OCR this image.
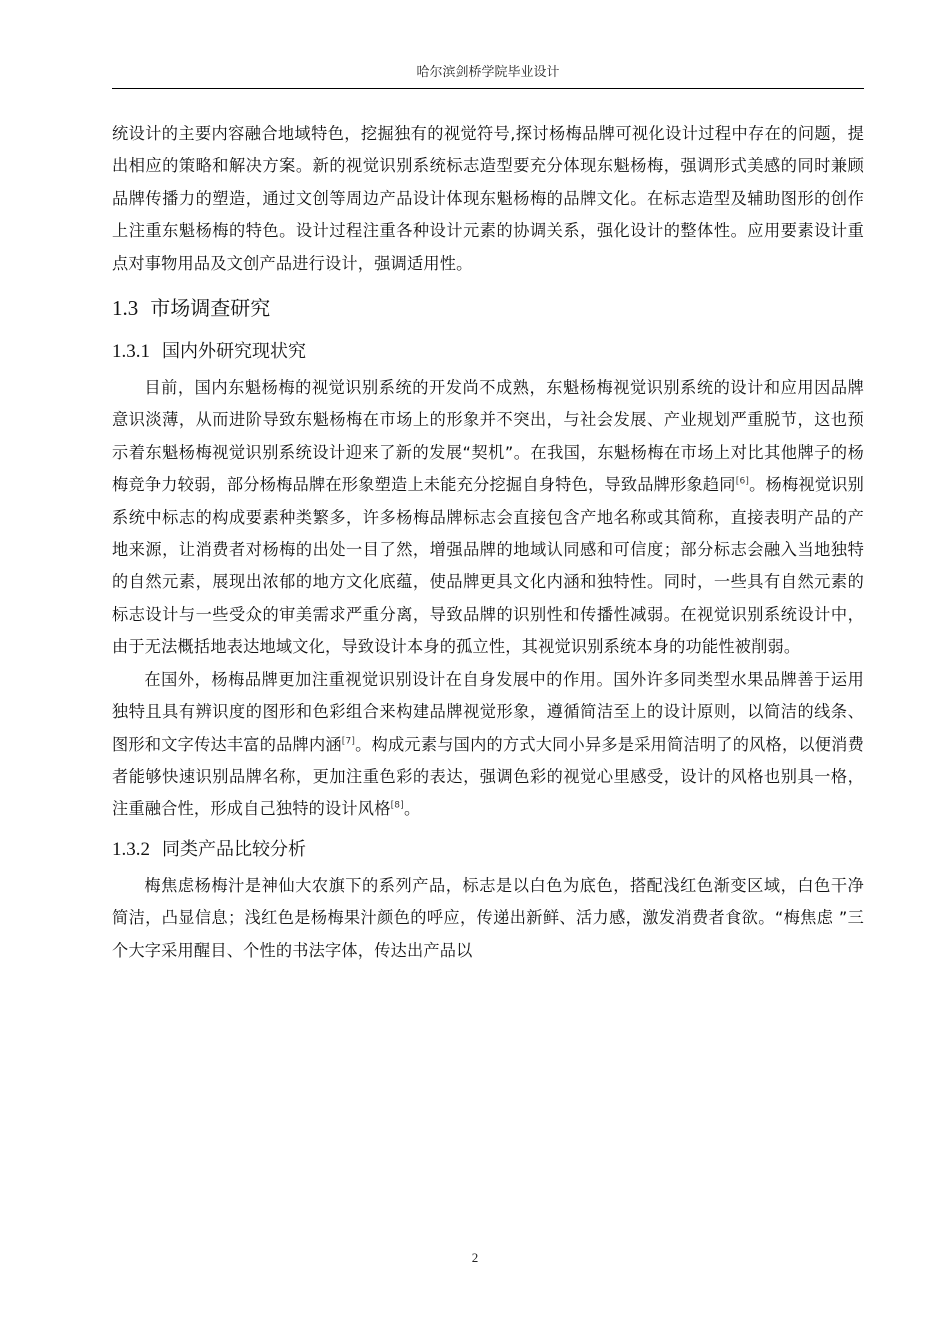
哈尔滨剑桥学院毕业设计

统设计的主要内容融合地域特色，挖掘独有的视觉符号,探讨杨梅品牌可视化设计过程中存在的问题，提出相应的策略和解决方案。新的视觉识别系统标志造型要充分体现东魁杨梅，强调形式美感的同时兼顾品牌传播力的塑造，通过文创等周边产品设计体现东魁杨梅的品牌文化。在标志造型及辅助图形的创作上注重东魁杨梅的特色。设计过程注重各种设计元素的协调关系，强化设计的整体性。应用要素设计重点对事物用品及文创产品进行设计，强调适用性。

1.3 市场调查研究
1.3.1 国内外研究现状究

目前，国内东魁杨梅的视觉识别系统的开发尚不成熟，东魁杨梅视觉识别系统的设计和应用因品牌意识淡薄，从而进阶导致东魁杨梅在市场上的形象并不突出，与社会发展、产业规划严重脱节，这也预示着东魁杨梅视觉识别系统设计迎来了新的发展“契机”。在我国，东魁杨梅在市场上对比其他牌子的杨梅竞争力较弱，部分杨梅品牌在形象塑造上未能充分挖掘自身特色，导致品牌形象趋同[6]。杨梅视觉识别系统中标志的构成要素种类繁多，许多杨梅品牌标志会直接包含产地名称或其简称，直接表明产品的产地来源，让消费者对杨梅的出处一目了然，增强品牌的地域认同感和可信度；部分标志会融入当地独特的自然元素，展现出浓郁的地方文化底蕴，使品牌更具文化内涵和独特性。同时，一些具有自然元素的标志设计与一些受众的审美需求严重分离，导致品牌的识别性和传播性减弱。在视觉识别系统设计中，由于无法概括地表达地域文化，导致设计本身的孤立性，其视觉识别系统本身的功能性被削弱。

在国外，杨梅品牌更加注重视觉识别设计在自身发展中的作用。国外许多同类型水果品牌善于运用独特且具有辨识度的图形和色彩组合来构建品牌视觉形象，遵循简洁至上的设计原则，以简洁的线条、图形和文字传达丰富的品牌内涵[7]。构成元素与国内的方式大同小异多是采用简洁明了的风格，以便消费者能够快速识别品牌名称，更加注重色彩的表达，强调色彩的视觉心里感受，设计的风格也别具一格，注重融合性，形成自己独特的设计风格[8]。

1.3.2 同类产品比较分析

梅焦虑杨梅汁是神仙大农旗下的系列产品，标志是以白色为底色，搭配浅红色渐变区域，白色干净简洁，凸显信息；浅红色是杨梅果汁颜色的呼应，传递出新鲜、活力感，激发消费者食欲。“梅焦虑 ”三个大字采用醒目、个性的书法字体，传达出产品以

2
